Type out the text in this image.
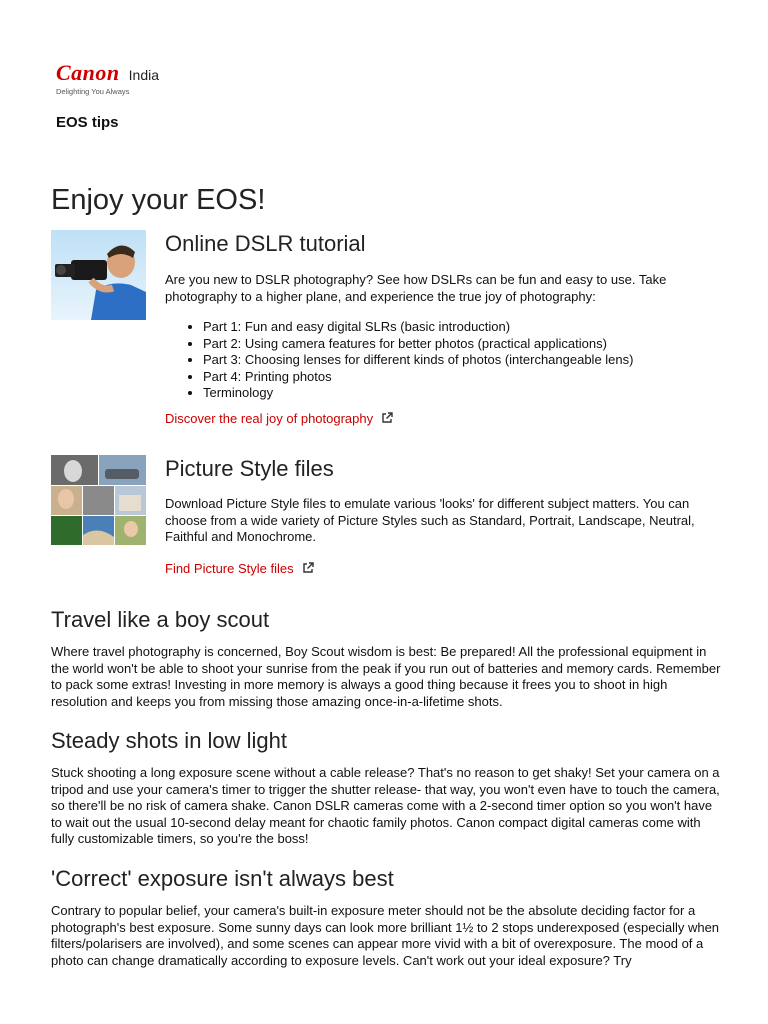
Canon India
Delighting You Always
EOS tips
Enjoy your EOS!
Online DSLR tutorial

Are you new to DSLR photography? See how DSLRs can be fun and easy to use. Take photography to a higher plane, and experience the true joy of photography:

• Part 1: Fun and easy digital SLRs (basic introduction)
• Part 2: Using camera features for better photos (practical applications)
• Part 3: Choosing lenses for different kinds of photos (interchangeable lens)
• Part 4: Printing photos
• Terminology
Discover the real joy of photography
Picture Style files

Download Picture Style files to emulate various 'looks' for different subject matters. You can choose from a wide variety of Picture Styles such as Standard, Portrait, Landscape, Neutral, Faithful and Monochrome.

Find Picture Style files
Travel like a boy scout

Where travel photography is concerned, Boy Scout wisdom is best: Be prepared! All the professional equipment in the world won't be able to shoot your sunrise from the peak if you run out of batteries and memory cards. Remember to pack some extras! Investing in more memory is always a good thing because it frees you to shoot in high resolution and keeps you from missing those amazing once-in-a-lifetime shots.

Steady shots in low light

Stuck shooting a long exposure scene without a cable release? That's no reason to get shaky! Set your camera on a tripod and use your camera's timer to trigger the shutter release- that way, you won't even have to touch the camera, so there'll be no risk of camera shake. Canon DSLR cameras come with a 2-second timer option so you won't have to wait out the usual 10-second delay meant for chaotic family photos. Canon compact digital cameras come with fully customizable timers, so you're the boss!

'Correct' exposure isn't always best

Contrary to popular belief, your camera's built-in exposure meter should not be the absolute deciding factor for a photograph's best exposure. Some sunny days can look more brilliant 1½ to 2 stops underexposed (especially when filters/polarisers are involved), and some scenes can appear more vivid with a bit of overexposure. The mood of a photo can change dramatically according to exposure levels. Can't work out your ideal exposure? Try
